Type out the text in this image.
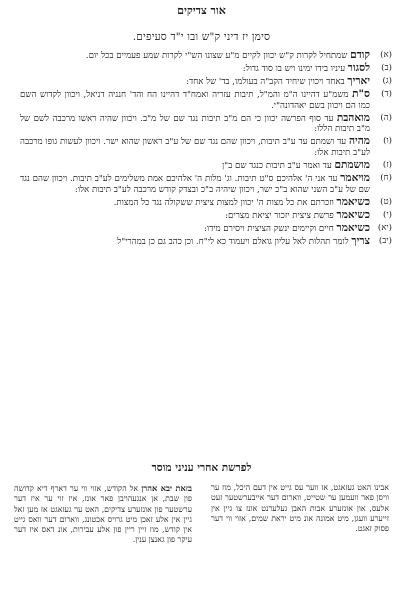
אור צדיקים
סימן יז דיני ק"ש ובו י"ד סעיפים.
(א)
קודם שמתחיל לקרות ק"ש יכוון לקיים מ"ע שצונו הש"י לקרות שמע פעמיים בכל יום.
(ב)
לסגור עיניו בידו ימינו ויש בו סוד גדול:
(ג)
יאריך באחד ויכוין שיחיד הקב"ה בעולמו, בד' של אחד:
(ד)
ס"ת משמ"ע דהיינו ה"מ והמ"ל, תיבות עזריה ואמח"ד דהיינו הח והד' חנניה דניאל, ויכוון לקדוש השם כמו הם ויכוון בשם יאהדונה"י.
(ה)
מואהבת עד סוף הפרשה יכוון כי הם מ"ב תיבות נגד שם של מ"ב. ויכוון שהיה ראשו מרכבה לשם של מ"ב תיבות הללו:
(ו)
מהיה עד ושמתם עד ע"ב תיבות, ויכוון שהם נגד שם של ע"ב ראשון שהוא ישר. ויכוון לעשות גופו מרכבה לע"ב תיבות אלו:
(ז)
מושמתם עד ואמר ע"ב תיבות כנגד שם ב"ן
(ח)
מויאמר עד אני ה' אלהיכם ס"ט תיבות. וג' מלות ה' אלהיכם אמת משלימים לע"ב תיבות. ויכוון שהם נגד שם של ע"ב השני שהוא ב"כ ישר, ויכוון שיהיה ב"כ ובצדק קודש מרכבה לע"ב תיבות אלו:
(ט)
כשיאמר וזכרתם את כל מצות ה' יכוון למצות ציצית ששקולה נגד כל המצות.
(י)
כשיאמר פרשת ציצית יזכור יציאת מצרים:
(יא)
כשיאמר חיים וקיימים ינשק הציצית ויסירם מידו:
(יב)
צריך לומר תהלות לאל עליון גואלם ויעמוד כא לי"ח. וכן כהב גם כן במהרי"ל
לפרשת אחרי עניני מוסר
בזאת יבא אהרן אל הקודש, אזוי ווי ער דארף דיא קדושה פון שבת, אן אנגעהויבן פאר אונז, איז זוי ער איז דער ערשטער פון אונזערע צדיקים, האט ער געזאגט אז מען זאל גיין אין אלע זאכן מיט גרויס אכטונג, ווארום דער וואס גייט אין קודש, מוז זיין ריין פון אלע עבירות, אונ דאס איז דער עיקר פון גאנצן ענין.
אבינו האט געזאגט, אז ווער עס גייט אין דעם היכל, מוז ער וויסן פאר וועמען ער שטייט, ווארום דער אייבערשטער זעט אלעס, און אונזערע אבות האבן געלערנט אונז צו גיין אין זייערע וועגן, מיט אמונה אונ מיט יראת שמים, אזוי ווי דער פסוק זאגט.
